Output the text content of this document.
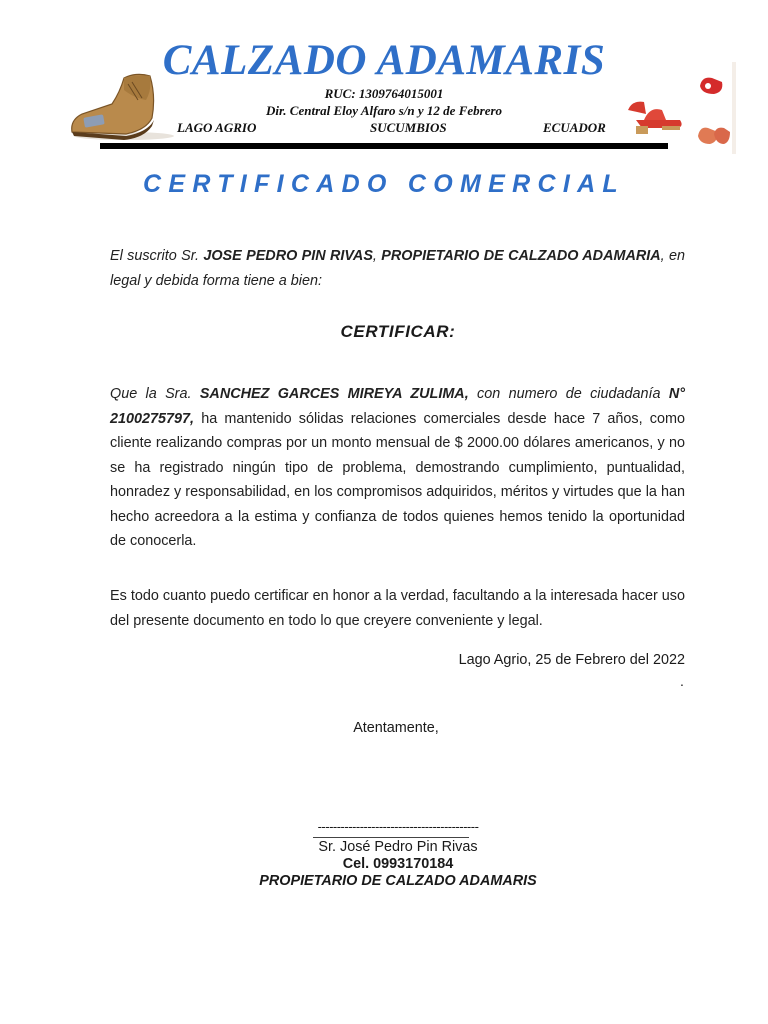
CALZADO ADAMARIS
RUC: 1309764015001
Dir. Central Eloy Alfaro s/n y 12 de Febrero
LAGO AGRIO	SUCUMBIOS	ECUADOR
CERTIFICADO COMERCIAL
El suscrito Sr. JOSE PEDRO PIN RIVAS, PROPIETARIO DE CALZADO ADAMARIA, en legal y debida forma tiene a bien:
CERTIFICAR:
Que la Sra. SANCHEZ GARCES MIREYA ZULIMA, con numero de ciudadanía N° 2100275797, ha mantenido sólidas relaciones comerciales desde hace 7 años, como cliente realizando compras por un monto mensual de $ 2000.00 dólares americanos, y no se ha registrado ningún tipo de problema, demostrando cumplimiento, puntualidad, honradez y responsabilidad, en los compromisos adquiridos, méritos y virtudes que la han hecho acreedora a la estima y confianza de todos quienes hemos tenido la oportunidad de conocerla.
Es todo cuanto puedo certificar en honor a la verdad, facultando a la interesada hacer uso del presente documento en todo lo que creyere conveniente y legal.
Lago Agrio, 25 de Febrero del 2022
.
Atentamente,
------------------------------------------
Sr. José Pedro Pin Rivas
Cel. 0993170184
PROPIETARIO DE CALZADO ADAMARIS
